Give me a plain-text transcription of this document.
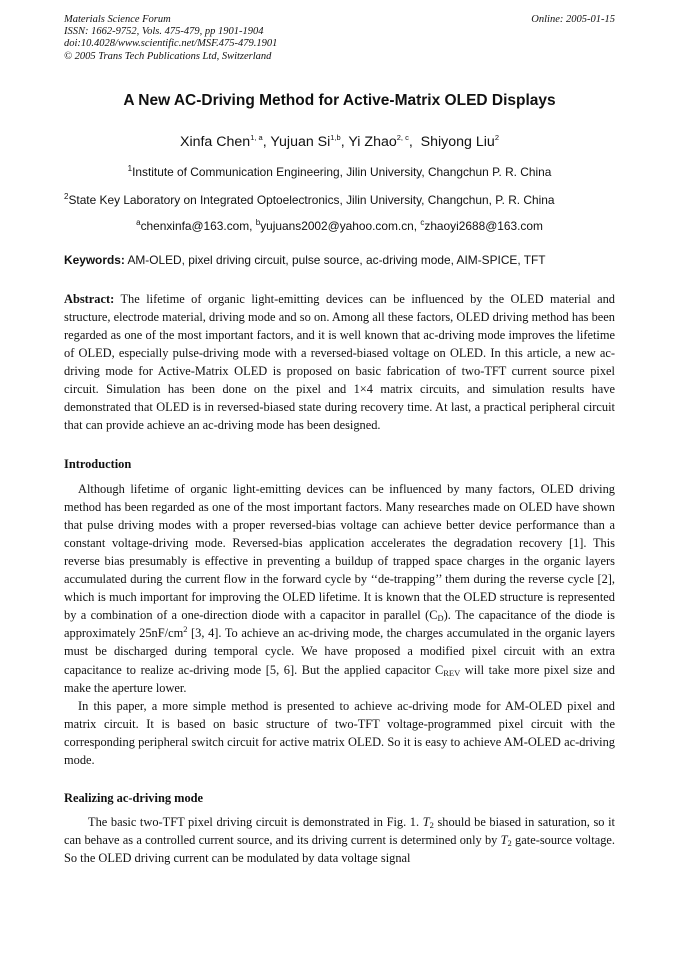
Materials Science Forum	Online: 2005-01-15
ISSN: 1662-9752, Vols. 475-479, pp 1901-1904
doi:10.4028/www.scientific.net/MSF.475-479.1901
© 2005 Trans Tech Publications Ltd, Switzerland
A New AC-Driving Method for Active-Matrix OLED Displays
Xinfa Chen$^{1, a}$, Yujuan Si$^{1,b}$, Yi Zhao$^{2, c}$,  Shiyong Liu$^2$
$^1$Institute of Communication Engineering, Jilin University, Changchun P. R. China
$^2$State Key Laboratory on Integrated Optoelectronics, Jilin University, Changchun, P. R. China
$^a$chenxinfa@163.com, $^b$yujuans2002@yahoo.com.cn, $^c$zhaoyi2688@163.com
Keywords: AM-OLED, pixel driving circuit, pulse source, ac-driving mode, AIM-SPICE, TFT

Abstract: The lifetime of organic light-emitting devices can be influenced by the OLED material and structure, electrode material, driving mode and so on. Among all these factors, OLED driving method has been regarded as one of the most important factors, and it is well known that ac-driving mode improves the lifetime of OLED, especially pulse-driving mode with a reversed-biased voltage on OLED. In this article, a new ac-driving mode for Active-Matrix OLED is proposed on basic fabrication of two-TFT current source pixel circuit. Simulation has been done on the pixel and 1×4 matrix circuits, and simulation results have demonstrated that OLED is in reversed-biased state during recovery time. At last, a practical peripheral circuit that can provide achieve an ac-driving mode has been designed.

Introduction

Although lifetime of organic light-emitting devices can be influenced by many factors, OLED driving method has been regarded as one of the most important factors. Many researches made on OLED have shown that pulse driving modes with a proper reversed-bias voltage can achieve better device performance than a constant voltage-driving mode. Reversed-bias application accelerates the degradation recovery [1]. This reverse bias presumably is effective in preventing a buildup of trapped space charges in the organic layers accumulated during the current flow in the forward cycle by ‘‘de-trapping’’ them during the reverse cycle [2], which is much important for improving the OLED lifetime. It is known that the OLED structure is represented by a combination of a one-direction diode with a capacitor in parallel $(C_D)$. The capacitance of the diode is approximately $25nF/cm^2$ [3, 4]. To achieve an ac-driving mode, the charges accumulated in the organic layers must be discharged during temporal cycle. We have proposed a modified pixel circuit with an extra capacitance to realize ac-driving mode [5, 6]. But the applied capacitor $C_{REV}$ will take more pixel size and make the aperture lower.

In this paper, a more simple method is presented to achieve ac-driving mode for AM-OLED pixel and matrix circuit. It is based on basic structure of two-TFT voltage-programmed pixel circuit with the corresponding peripheral switch circuit for active matrix OLED. So it is easy to achieve AM-OLED ac-driving mode.

Realizing ac-driving mode

The basic two-TFT pixel driving circuit is demonstrated in Fig. 1. $T_2$ should be biased in saturation, so it can behave as a controlled current source, and its driving current is determined only by $T_2$ gate-source voltage. So the OLED driving current can be modulated by data voltage signal
